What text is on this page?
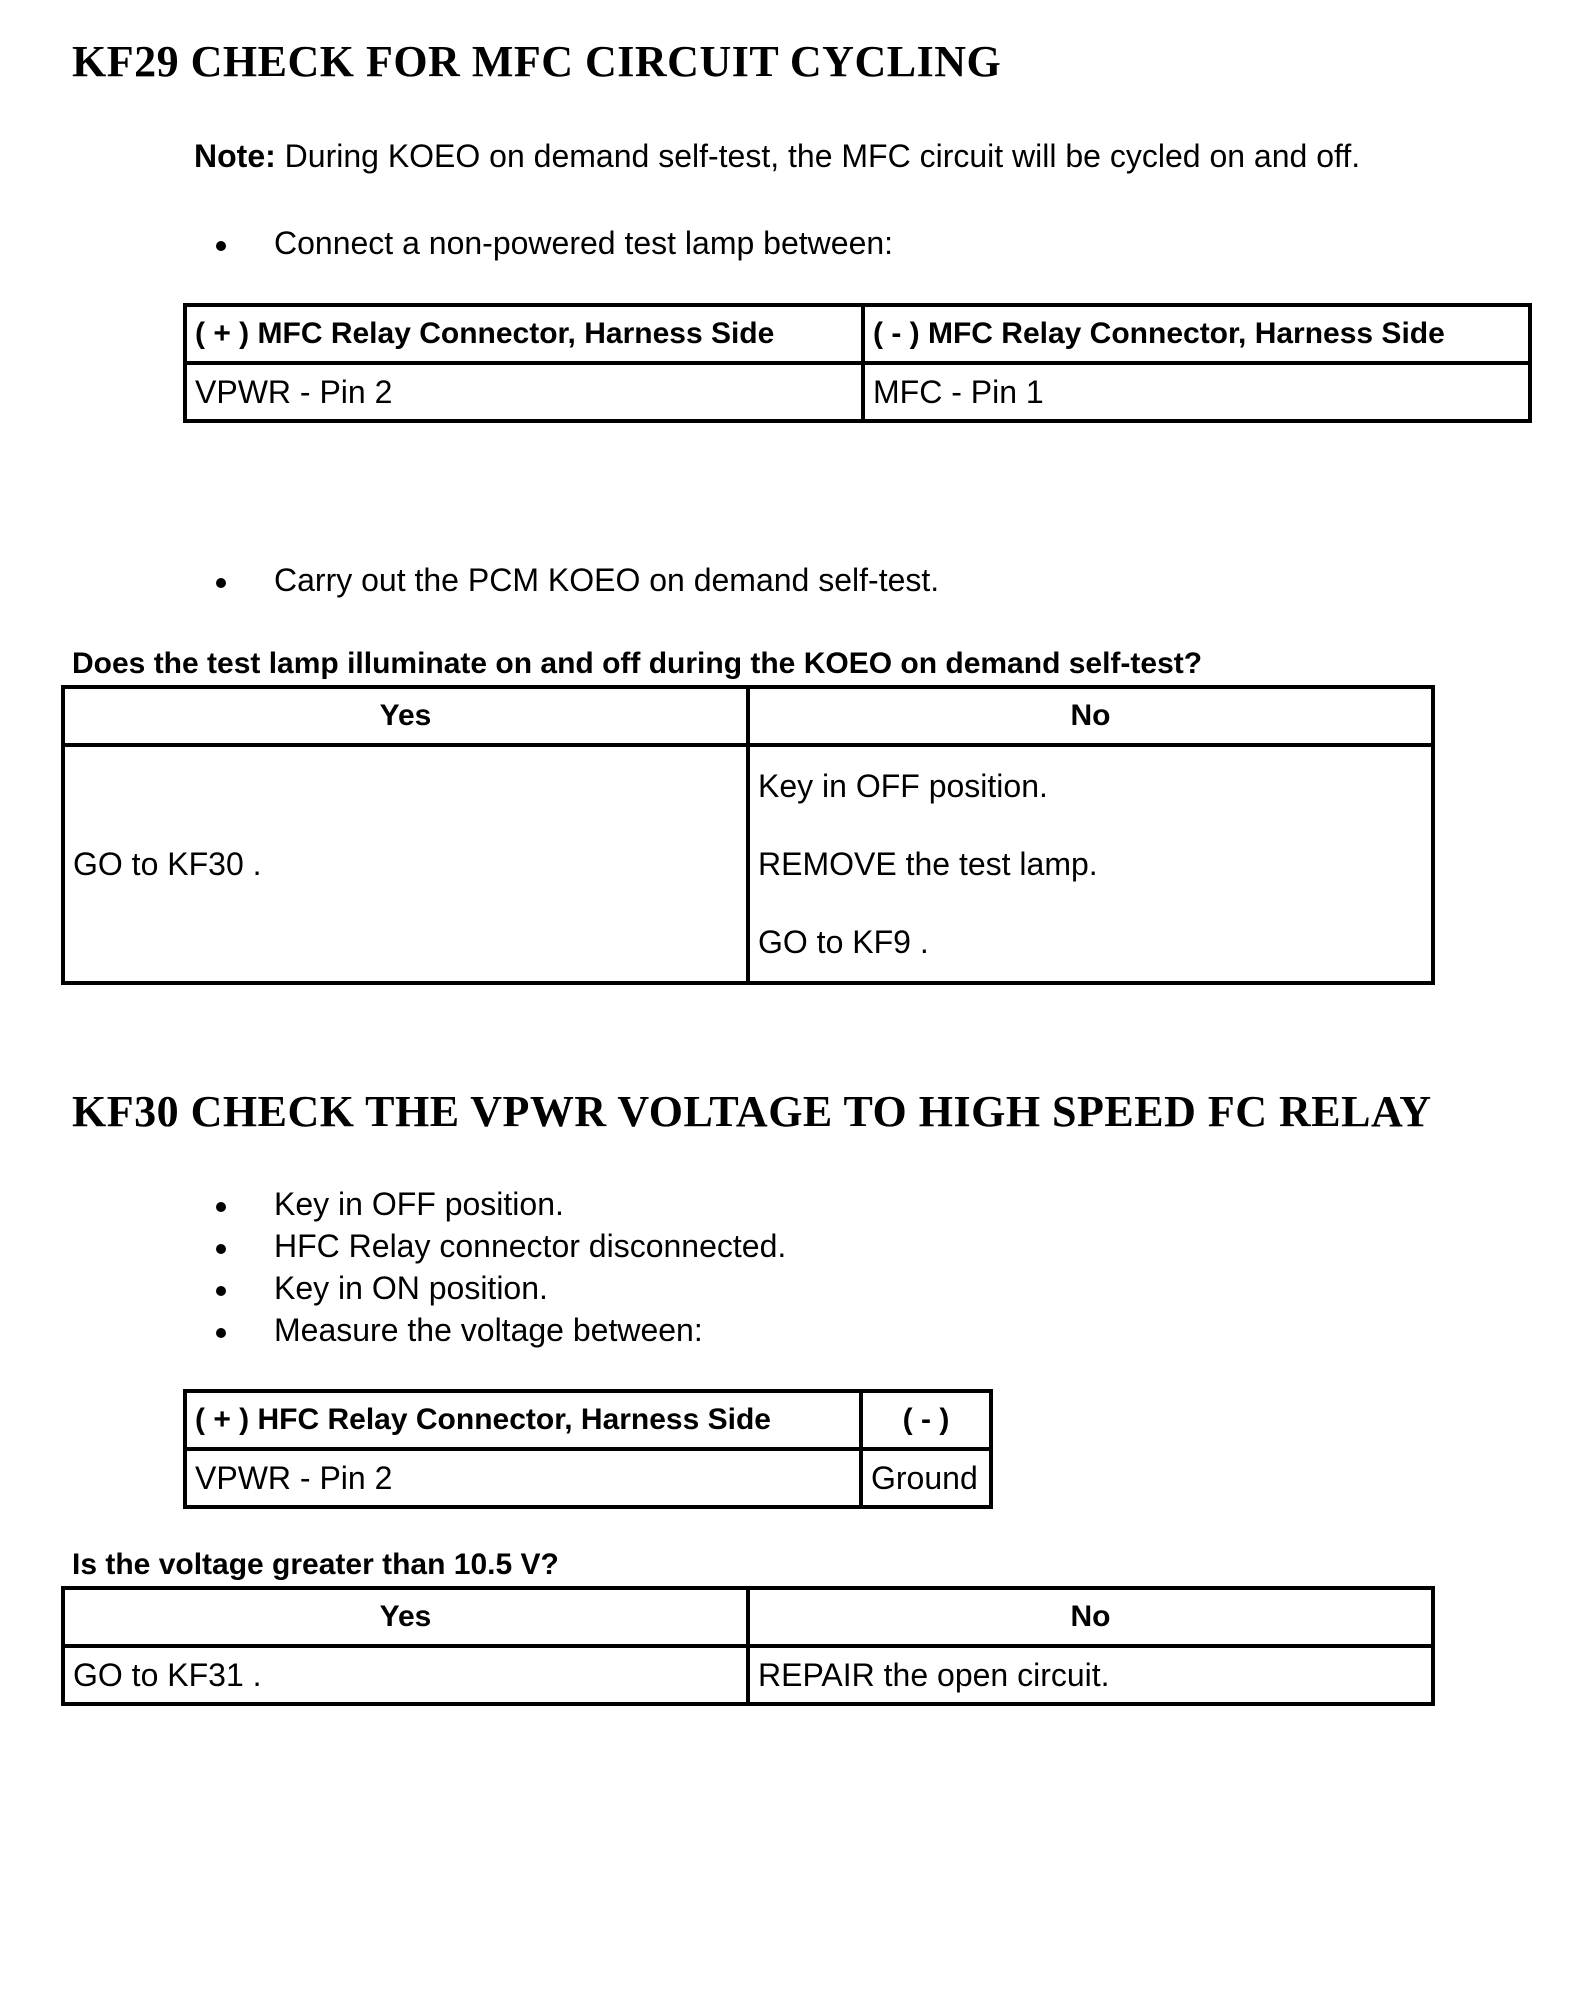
KF29 CHECK FOR MFC CIRCUIT CYCLING
Note: During KOEO on demand self-test, the MFC circuit will be cycled on and off.
Connect a non-powered test lamp between:
( + ) MFC Relay Connector, Harness Side	( - ) MFC Relay Connector, Harness Side
VPWR - Pin 2	MFC - Pin 1
Carry out the PCM KOEO on demand self-test.
Does the test lamp illuminate on and off during the KOEO on demand self-test?
Yes	No
GO to KF30 .	Key in OFF position.
REMOVE the test lamp.
GO to KF9 .
KF30 CHECK THE VPWR VOLTAGE TO HIGH SPEED FC RELAY
Key in OFF position.
HFC Relay connector disconnected.
Key in ON position.
Measure the voltage between:
( + ) HFC Relay Connector, Harness Side	( - )
VPWR - Pin 2	Ground
Is the voltage greater than 10.5 V?
Yes	No
GO to KF31 .	REPAIR the open circuit.
